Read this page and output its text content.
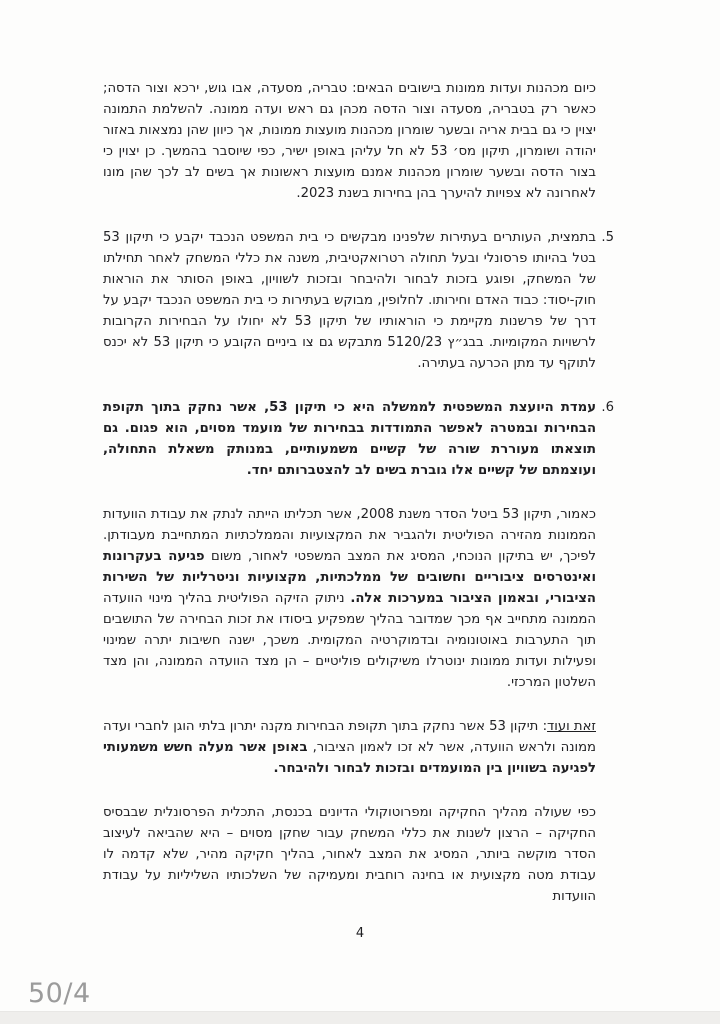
כיום מכהנות ועדות ממונות בישובים הבאים: טבריה, מסעדה, אבו גוש, ירכא וצור הדסה; כאשר רק בטבריה, מסעדה וצור הדסה מכהן גם ראש ועדה ממונה. להשלמת התמונה יצוין כי גם בבית אריה ובשער שומרון מכהנות מועצות ממונות, אך כיוון שהן נמצאות באזור יהודה ושומרון, תיקון מס׳ 53 לא חל עליהן באופן ישיר, כפי שיוסבר בהמשך. כן יצוין כי בצור הדסה ובשער שומרון מכהנות אמנם מועצות ראשונות אך בשים לב לכך שהן מונו לאחרונה לא צפויות להיערך בהן בחירות בשנת 2023.
5.
בתמצית, העותרים בעתירות שלפנינו מבקשים כי בית המשפט הנכבד יקבע כי תיקון 53 בטל בהיותו פרסונלי ובעל תחולה רטרואקטיבית, משנה את כללי המשחק לאחר תחילתו של המשחק, ופוגע בזכות לבחור ולהיבחר ובזכות לשוויון, באופן הסותר את הוראות חוק-יסוד: כבוד האדם וחירותו. לחלופין, מבוקש בעתירות כי בית המשפט הנכבד יקבע על דרך של פרשנות מקיימת כי הוראותיו של תיקון 53 לא יחולו על הבחירות הקרובות לרשויות המקומיות. בבג״ץ 5120/23 מתבקש גם צו ביניים הקובע כי תיקון 53 לא יכנס לתוקף עד מתן הכרעה בעתירה.
6.
עמדת היועצת המשפטית לממשלה היא כי תיקון 53, אשר נחקק בתוך תקופת הבחירות ובמטרה לאפשר התמודדות בבחירות של מועמד מסוים, הוא פגום. גם תוצאתו מעוררת שורה של קשיים משמעותיים, במנותק משאלת התחולה, ועוצמתם של קשיים אלו גוברת בשים לב להצטברותם יחד.
כאמור, תיקון 53 ביטל הסדר משנת 2008, אשר תכליתו הייתה לנתק את עבודת הוועדות הממונות מהזירה הפוליטית ולהגביר את המקצועיות והממלכתיות המתחייבת מעבודתן. לפיכך, יש בתיקון הנוכחי, המסיג את המצב המשפטי לאחור, משום פגיעה בעקרונות ואינטרסים ציבוריים וחשובים של ממלכתיות, מקצועיות וניטרליות של השירות הציבורי, ובאמון הציבור במערכות אלה. ניתוק הזיקה הפוליטית בהליך מינוי הוועדה הממונה מתחייב אף מכך שמדובר בהליך שמפקיע ביסודו את זכות הבחירה של התושבים תוך התערבות באוטונומיה ובדמוקרטיה המקומית. משכך, ישנה חשיבות יתרה שמינוי ופעילות ועדות ממונות ינוטרלו משיקולים פוליטיים – הן מצד הוועדה הממונה, והן מצד השלטון המרכזי.
זאת ועוד: תיקון 53 אשר נחקק בתוך תקופת הבחירות מקנה יתרון בלתי הוגן לחברי ועדה ממונה ולראש הוועדה, אשר לא זכו לאמון הציבור, באופן אשר מעלה חשש משמעותי לפגיעה בשוויון בין המועמדים ובזכות לבחור ולהיבחר.
כפי שעולה מהליך החקיקה ומפרוטוקולי הדיונים בכנסת, התכלית הפרסונלית שבבסיס החקיקה – הרצון לשנות את כללי המשחק עבור שחקן מסוים – היא שהביאה לעיצוב הסדר מוקשה ביותר, המסיג את המצב לאחור, בהליך חקיקה מהיר, שלא קדמה לו עבודת מטה מקצועית או בחינה רוחבית ומעמיקה של השלכותיו השליליות על עבודת הוועדות
4
50/4
